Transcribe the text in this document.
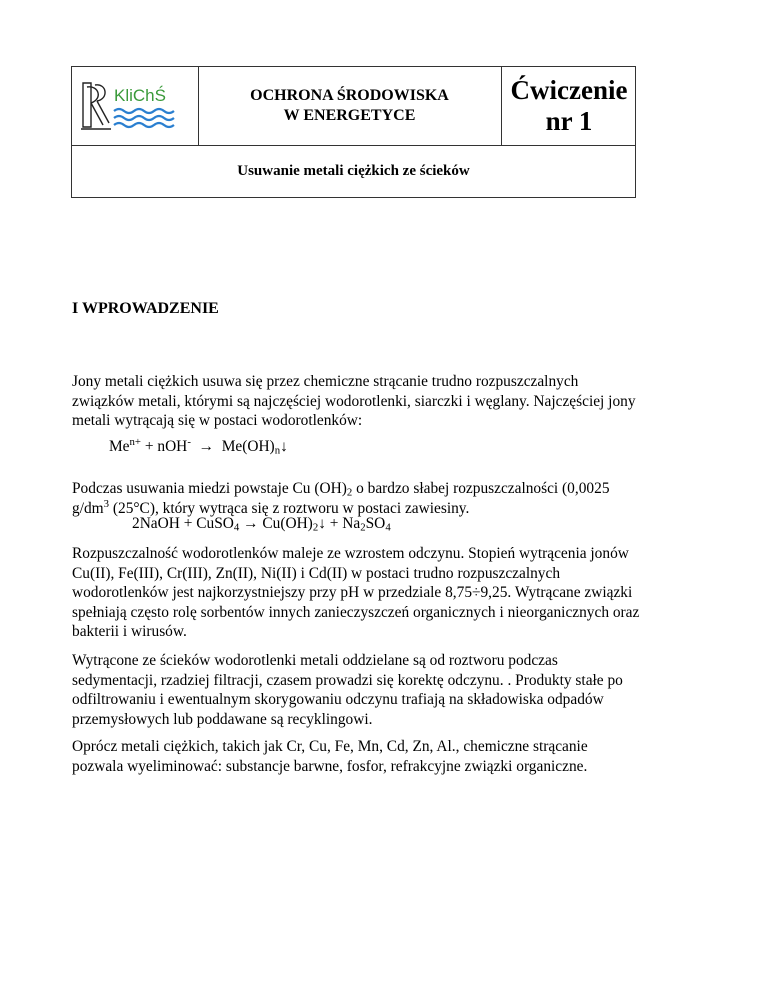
KliChŚ	OCHRONA ŚRODOWISKA
W ENERGETYCE
Ćwiczenie
nr 1
Usuwanie metali ciężkich ze ścieków
I WPROWADZENIE
Jony metali ciężkich usuwa się przez chemiczne strącanie trudno rozpuszczalnych
związków metali, którymi są najczęściej wodorotlenki, siarczki i węglany. Najczęściej jony
metali wytrącają się w postaci wodorotlenków:
$Me^{n+} + nOH^-$  →  $Me(OH)_n↓$
Podczas usuwania miedzi powstaje Cu $(OH)_2$ o bardzo słabej rozpuszczalności (0,0025
$g/dm^3$ (25°C), który wytrąca się z roztworu w postaci zawiesiny.
2NaOH + CuSO$_4$ → $Cu(OH)_2↓ + Na_2SO_4$
Rozpuszczalność wodorotlenków maleje ze wzrostem odczynu. Stopień wytrącenia jonów
Cu(II), Fe(III), Cr(III), Zn(II), Ni(II) i Cd(II) w postaci trudno rozpuszczalnych
wodorotlenków jest najkorzystniejszy przy pH w przedziale 8,75÷9,25. Wytrącane związki
spełniają często rolę sorbentów innych zanieczyszczeń organicznych i nieorganicznych oraz
bakterii i wirusów.
Wytrącone ze ścieków wodorotlenki metali oddzielane są od roztworu podczas
sedymentacji, rzadziej filtracji, czasem prowadzi się korektę odczynu. . Produkty stałe po
odfiltrowaniu i ewentualnym skorygowaniu odczynu trafiają na składowiska odpadów
przemysłowych lub poddawane są recyklingowi.
Oprócz metali ciężkich, takich jak Cr, Cu, Fe, Mn, Cd, Zn, Al., chemiczne strącanie
pozwala wyeliminować: substancje barwne, fosfor, refrakcyjne związki organiczne.
